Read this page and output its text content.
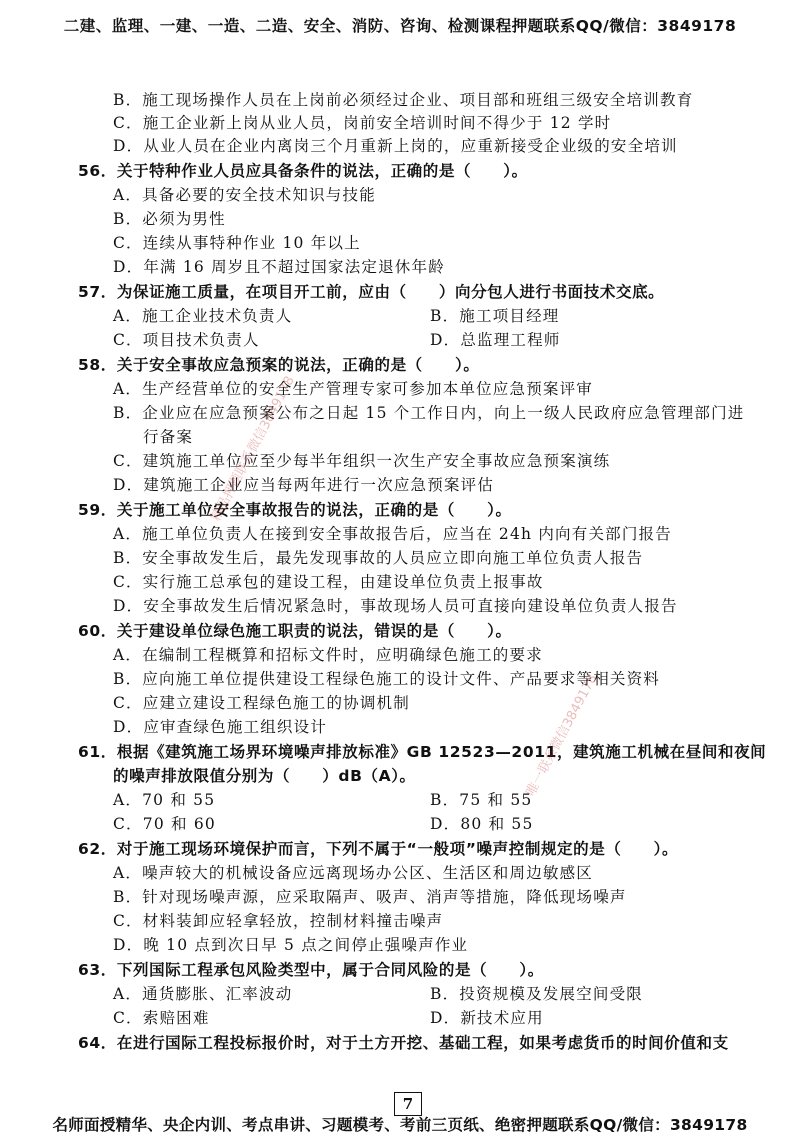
二建、监理、一建、一造、二造、安全、消防、咨询、检测课程押题联系QQ/微信：3849178
B．施工现场操作人员在上岗前必须经过企业、项目部和班组三级安全培训教育
C．施工企业新上岗从业人员，岗前安全培训时间不得少于 12 学时
D．从业人员在企业内离岗三个月重新上岗的，应重新接受企业级的安全培训
56．关于特种作业人员应具备条件的说法，正确的是（　　）。
A．具备必要的安全技术知识与技能
B．必须为男性
C．连续从事特种作业 10 年以上
D．年满 16 周岁且不超过国家法定退休年龄
57．为保证施工质量，在项目开工前，应由（　　）向分包人进行书面技术交底。
A．施工企业技术负责人	B．施工项目经理
C．项目技术负责人	D．总监理工程师
58．关于安全事故应急预案的说法，正确的是（　　）。
A．生产经营单位的安全生产管理专家可参加本单位应急预案评审
B．企业应在应急预案公布之日起 15 个工作日内，向上一级人民政府应急管理部门进
行备案
C．建筑施工单位应至少每半年组织一次生产安全事故应急预案演练
D．建筑施工企业应当每两年进行一次应急预案评估
59．关于施工单位安全事故报告的说法，正确的是（　　）。
A．施工单位负责人在接到安全事故报告后，应当在 24h 内向有关部门报告
B．安全事故发生后，最先发现事故的人员应立即向施工单位负责人报告
C．实行施工总承包的建设工程，由建设单位负责上报事故
D．安全事故发生后情况紧急时，事故现场人员可直接向建设单位负责人报告
60．关于建设单位绿色施工职责的说法，错误的是（　　）。
A．在编制工程概算和招标文件时，应明确绿色施工的要求
B．应向施工单位提供建设工程绿色施工的设计文件、产品要求等相关资料
C．应建立建设工程绿色施工的协调机制
D．应审查绿色施工组织设计
61．根据《建筑施工场界环境噪声排放标准》GB 12523—2011，建筑施工机械在昼间和夜间
的噪声排放限值分别为（　　）dB（A）。
A．70 和 55	B．75 和 55
C．70 和 60	D．80 和 55
62．对于施工现场环境保护而言，下列不属于“一般项”噪声控制规定的是（　　）。
A．噪声较大的机械设备应远离现场办公区、生活区和周边敏感区
B．针对现场噪声源，应采取隔声、吸声、消声等措施，降低现场噪声
C．材料装卸应轻拿轻放，控制材料撞击噪声
D．晚 10 点到次日早 5 点之间停止强噪声作业
63．下列国际工程承包风险类型中，属于合同风险的是（　　）。
A．通货膨胀、汇率波动	B．投资规模及发展空间受限
C．索赔困难	D．新技术应用
64．在进行国际工程投标报价时，对于土方开挖、基础工程，如果考虑货币的时间价值和支
精品押题联系微信3849178
唯一联系微信3849178
7
名师面授精华、央企内训、考点串讲、习题模考、考前三页纸、绝密押题联系QQ/微信：3849178
